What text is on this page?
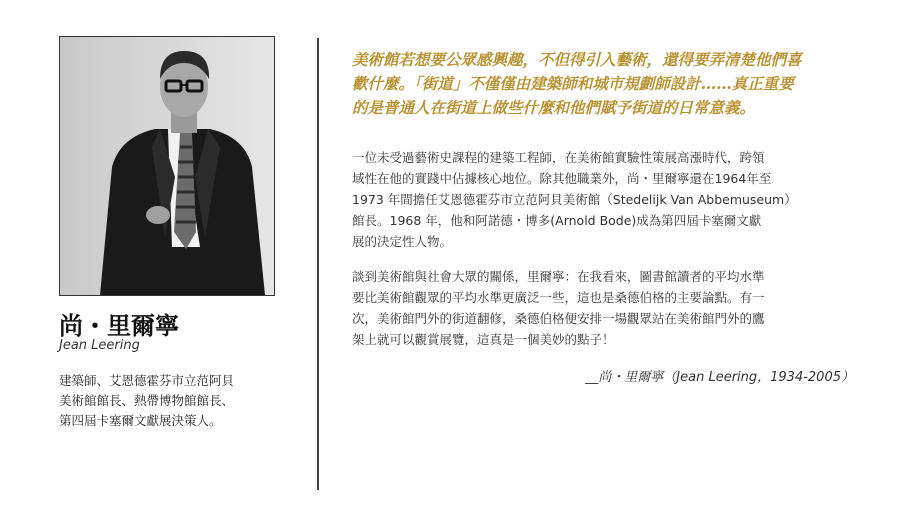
尚・里爾寧
Jean Leering
建築師、艾恩德霍芬市立范阿貝
美術館館長、熱帶博物館館長、
第四屆卡塞爾文獻展決策人。
美術館若想要公眾感興趣，不但得引入藝術，還得要弄清楚他們喜
歡什麼。「街道」不僅僅由建築師和城市規劃師設計……真正重要
的是普通人在街道上做些什麼和他們賦予街道的日常意義。
一位未受過藝術史課程的建築工程師，在美術館實驗性策展高漲時代，跨領
域性在他的實踐中佔據核心地位。除其他職業外，尚・里爾寧還在1964年至
1973 年間擔任艾恩德霍芬市立范阿貝美術館（Stedelijk Van Abbemuseum）
館長。1968 年，他和阿諾德・博多(Arnold Bode)成為第四屆卡塞爾文獻
展的決定性人物。
談到美術館與社會大眾的關係，里爾寧：在我看來，圖書館讀者的平均水準
要比美術館觀眾的平均水準更廣泛一些，這也是桑德伯格的主要論點。有一
次，美術館門外的街道翻修，桑德伯格便安排一場觀眾站在美術館門外的鷹
架上就可以觀賞展覽，這真是一個美妙的點子！
__尚・里爾寧（Jean Leering，1934-2005）
